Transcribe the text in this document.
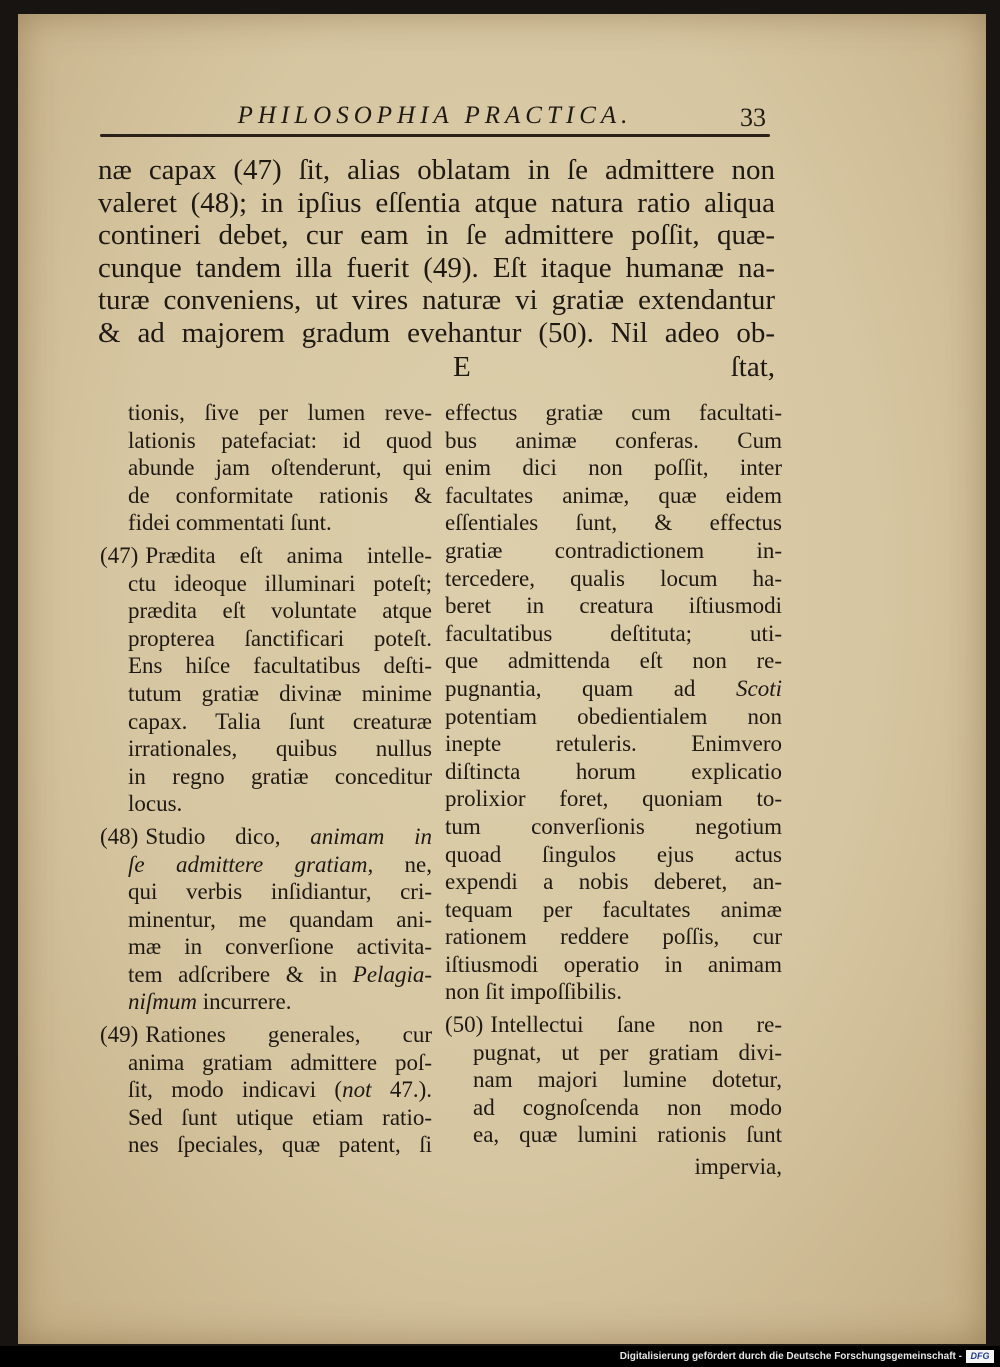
PHILOSOPHIA PRACTICA.	33
næ capax (47) ſit, alias oblatam in ſe admittere non
valeret (48); in ipſius eſſentia atque natura ratio aliqua
contineri debet, cur eam in ſe admittere poſſit, quæ-
cunque tandem illa fuerit (49). Eſt itaque humanæ na-
turæ conveniens, ut vires naturæ vi gratiæ extendantur
& ad majorem gradum evehantur (50). Nil adeo ob-
E	ſtat,
tionis, ſive per lumen reve-
lationis patefaciat: id quod
abunde jam oſtenderunt, qui
de conformitate rationis &
fidei commentati ſunt.
(47) Prædita eſt anima intelle-
ctu ideoque illuminari poteſt;
prædita eſt voluntate atque
propterea ſanctificari poteſt.
Ens hiſce facultatibus deſti-
tutum gratiæ divinæ minime
capax. Talia ſunt creaturæ
irrationales, quibus nullus
in regno gratiæ conceditur
locus.
(48) Studio dico, animam in
ſe admittere gratiam, ne,
qui verbis inſidiantur, cri-
minentur, me quandam ani-
mæ in converſione activita-
tem adſcribere & in Pelagia-
niſmum incurrere.
(49) Rationes generales, cur
anima gratiam admittere poſ-
ſit, modo indicavi (not 47.).
Sed ſunt utique etiam ratio-
nes ſpeciales, quæ patent, ſi
effectus gratiæ cum facultati-
bus animæ conferas. Cum
enim dici non poſſit, inter
facultates animæ, quæ eidem
eſſentiales ſunt, & effectus
gratiæ contradictionem in-
tercedere, qualis locum ha-
beret in creatura iſtiusmodi
facultatibus deſtituta; uti-
que admittenda eſt non re-
pugnantia, quam ad Scoti
potentiam obedientialem non
inepte retuleris. Enimvero
diſtincta horum explicatio
prolixior foret, quoniam to-
tum converſionis negotium
quoad ſingulos ejus actus
expendi a nobis deberet, an-
tequam per facultates animæ
rationem reddere poſſis, cur
iſtiusmodi operatio in animam
non ſit impoſſibilis.
(50) Intellectui ſane non re-
pugnat, ut per gratiam divi-
nam majori lumine dotetur,
ad cognoſcenda non modo
ea, quæ lumini rationis ſunt
impervia,
Digitalisierung gefördert durch die Deutsche Forschungsgemeinschaft - DFG
